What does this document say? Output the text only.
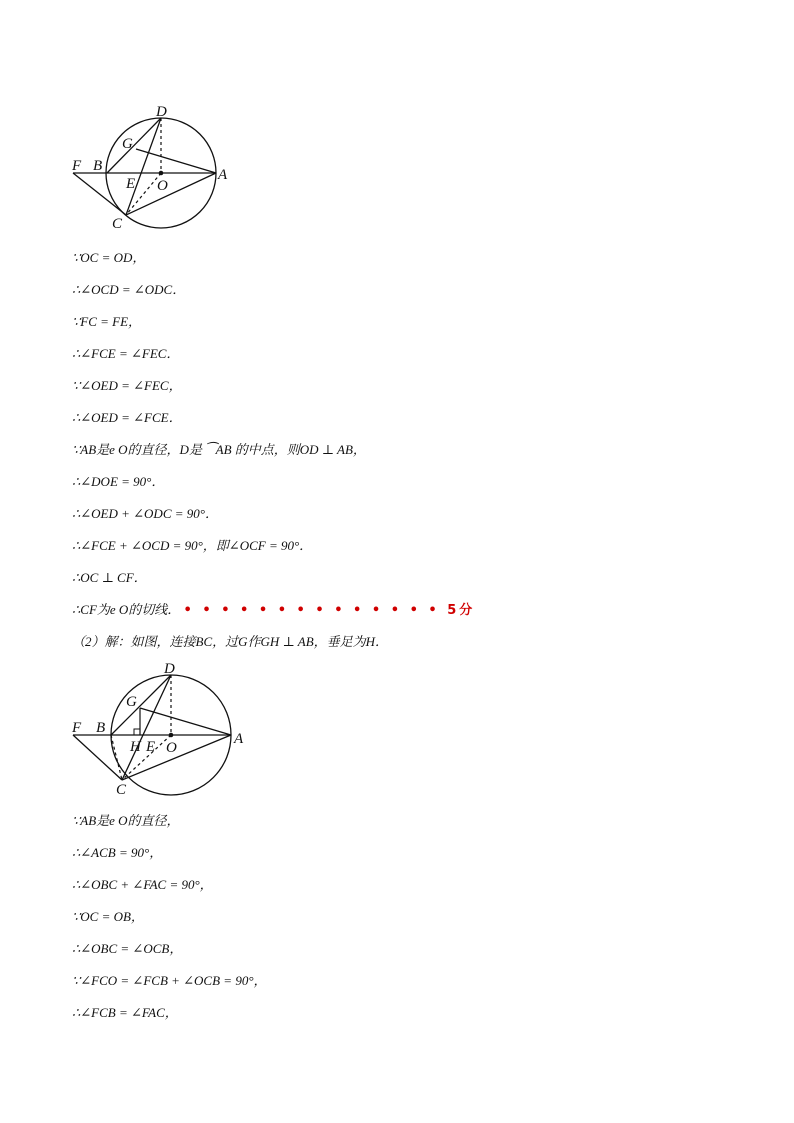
D
G
F B
E O
A
C
∵OC = OD，
∴∠OCD = ∠ODC．
∵FC = FE，
∴∠FCE = ∠FEC．
∵∠OED = ∠FEC，
∴∠OED = ∠FCE．
∵AB是e O的直径，D是 ⁀AB 的中点，则OD ⊥ AB，
∴∠DOE = 90°．
∴∠OED + ∠ODC = 90°．
∴∠FCE + ∠OCD = 90°，即∠OCF = 90°．
∴OC ⊥ CF．
∴CF为e O的切线． • • • • • • • • • • • • • • 5分
（2）解：如图，连接BC，过G作GH ⊥ AB，垂足为H．
D
G
F B
H E O
A
C
∵AB是e O的直径，
∴∠ACB = 90°，
∴∠OBC + ∠FAC = 90°，
∵OC = OB，
∴∠OBC = ∠OCB，
∵∠FCO = ∠FCB + ∠OCB = 90°，
∴∠FCB = ∠FAC，
